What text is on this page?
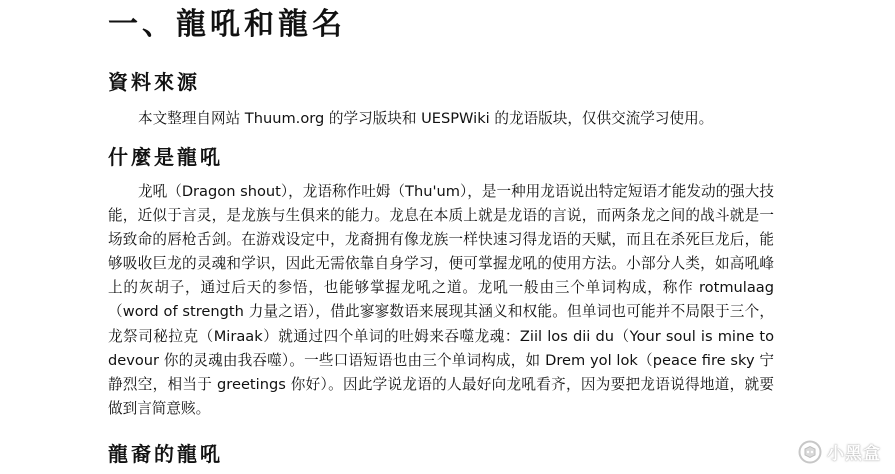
一、龍吼和龍名
資料來源

本文整理自网站 Thuum.org 的学习版块和 UESPWiki 的龙语版块，仅供交流学习使用。

什麼是龍吼

龙吼（Dragon shout），龙语称作吐姆（Thu'um），是一种用龙语说出特定短语才能发动的强大技能，近似于言灵，是龙族与生俱来的能力。龙息在本质上就是龙语的言说，而两条龙之间的战斗就是一场致命的唇枪舌剑。在游戏设定中，龙裔拥有像龙族一样快速习得龙语的天赋，而且在杀死巨龙后，能够吸收巨龙的灵魂和学识，因此无需依靠自身学习，便可掌握龙吼的使用方法。小部分人类，如高吼峰上的灰胡子，通过后天的参悟，也能够掌握龙吼之道。龙吼一般由三个单词构成，称作 rotmulaag（word of strength 力量之语），借此寥寥数语来展现其涵义和权能。但单词也可能并不局限于三个，龙祭司秘拉克（Miraak）就通过四个单词的吐姆来吞噬龙魂：Ziil los dii du（Your soul is mine to devour 你的灵魂由我吞噬）。一些口语短语也由三个单词构成，如 Drem yol lok（peace fire sky 宁静烈空，相当于 greetings 你好）。因此学说龙语的人最好向龙吼看齐，因为要把龙语说得地道，就要做到言简意赅。

龍裔的龍吼	小黑盒
